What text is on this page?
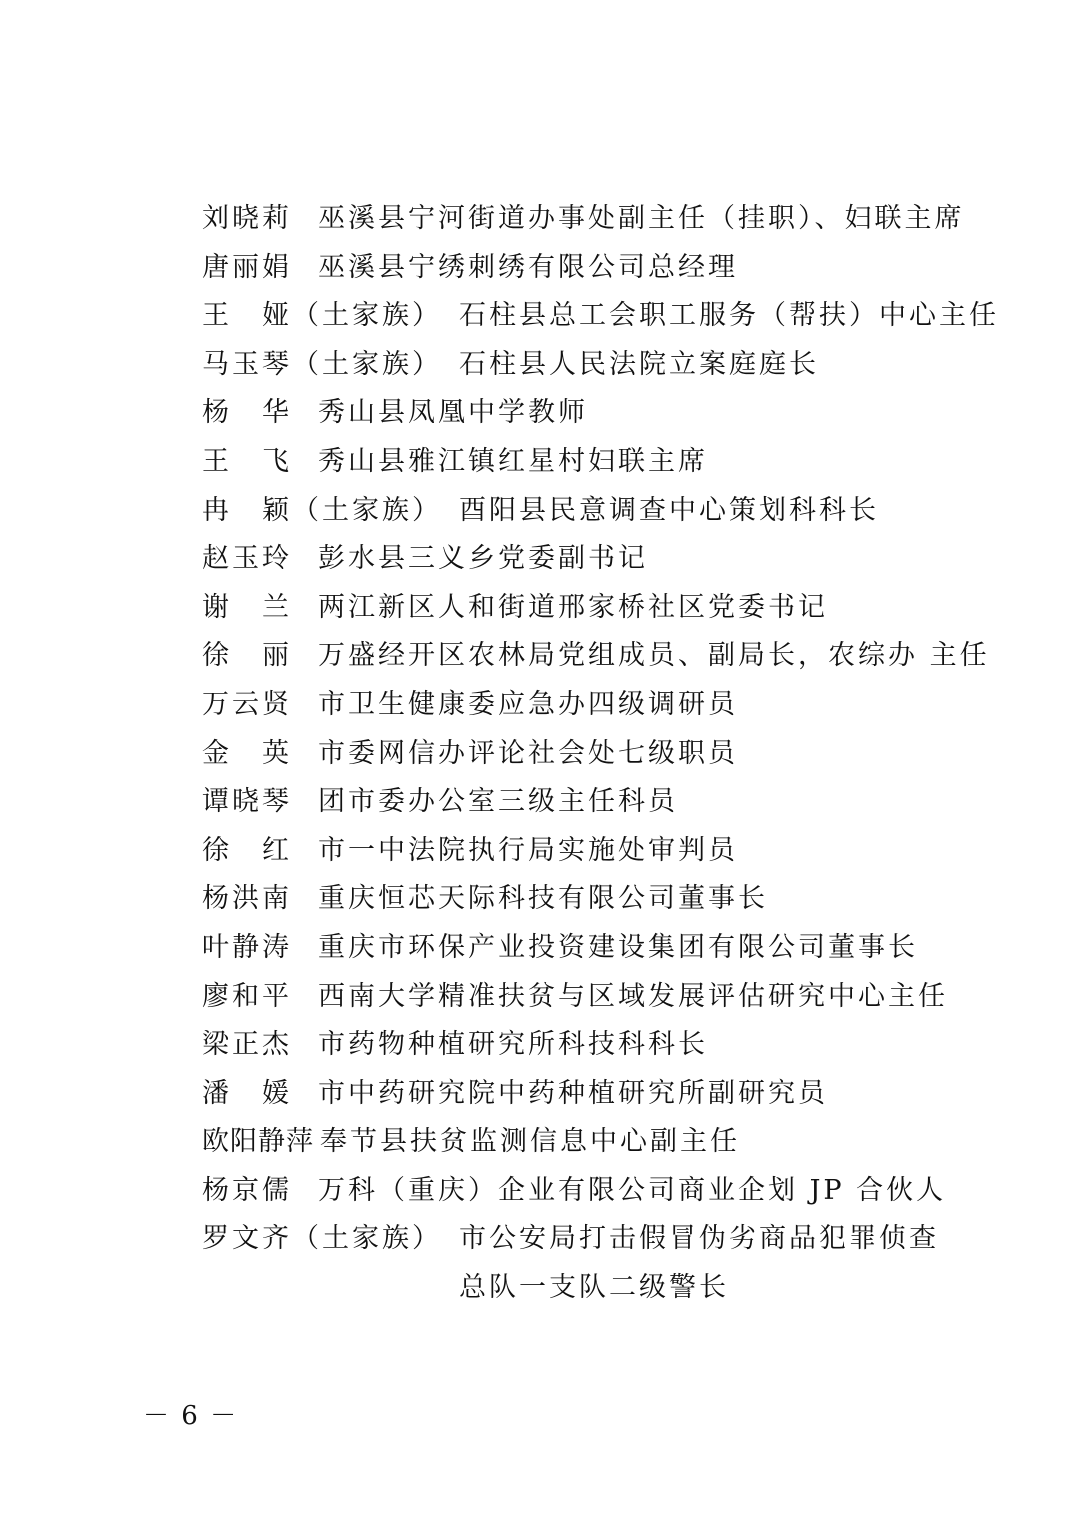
刘晓莉 巫溪县宁河街道办事处副主任（挂职）、妇联主席
唐丽娟 巫溪县宁绣刺绣有限公司总经理
王　娅（土家族） 石柱县总工会职工服务（帮扶）中心主任
马玉琴（土家族） 石柱县人民法院立案庭庭长
杨　华 秀山县凤凰中学教师
王　飞 秀山县雅江镇红星村妇联主席
冉　颖（土家族） 酉阳县民意调查中心策划科科长
赵玉玲 彭水县三义乡党委副书记
谢　兰 两江新区人和街道邢家桥社区党委书记
徐　丽 万盛经开区农林局党组成员、副局长，农综办 主任
万云贤 市卫生健康委应急办四级调研员
金　英 市委网信办评论社会处七级职员
谭晓琴 团市委办公室三级主任科员
徐　红 市一中法院执行局实施处审判员
杨洪南 重庆恒芯天际科技有限公司董事长
叶静涛 重庆市环保产业投资建设集团有限公司董事长
廖和平 西南大学精准扶贫与区域发展评估研究中心主任
梁正杰 市药物种植研究所科技科科长
潘　媛 市中药研究院中药种植研究所副研究员
欧阳静萍 奉节县扶贫监测信息中心副主任
杨京儒 万科（重庆）企业有限公司商业企划 JP 合伙人
罗文齐（土家族） 市公安局打击假冒伪劣商品犯罪侦查
总队一支队二级警长
－ 6 －
